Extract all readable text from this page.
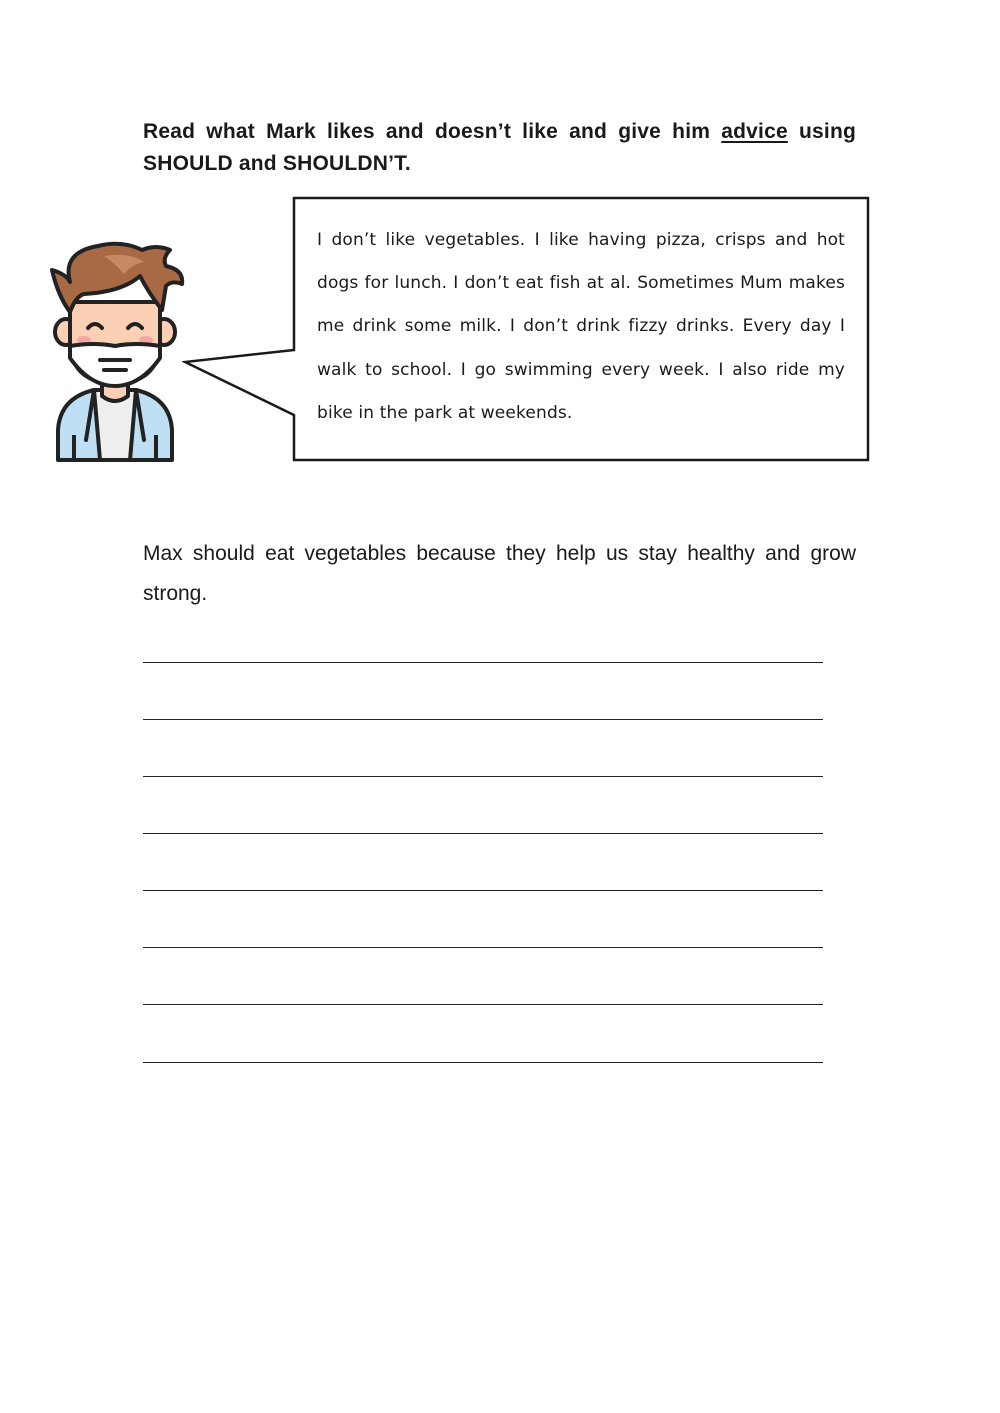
Read what Mark likes and doesn’t like and give him advice using SHOULD and SHOULDN’T.
I don’t like vegetables. I like having pizza, crisps and hot dogs for lunch. I don’t eat fish at al. Sometimes Mum makes me drink some milk. I don’t drink fizzy drinks. Every day I walk to school. I go swimming every week. I also ride my bike in the park at weekends.
Max should eat vegetables because they help us stay healthy and grow strong.
